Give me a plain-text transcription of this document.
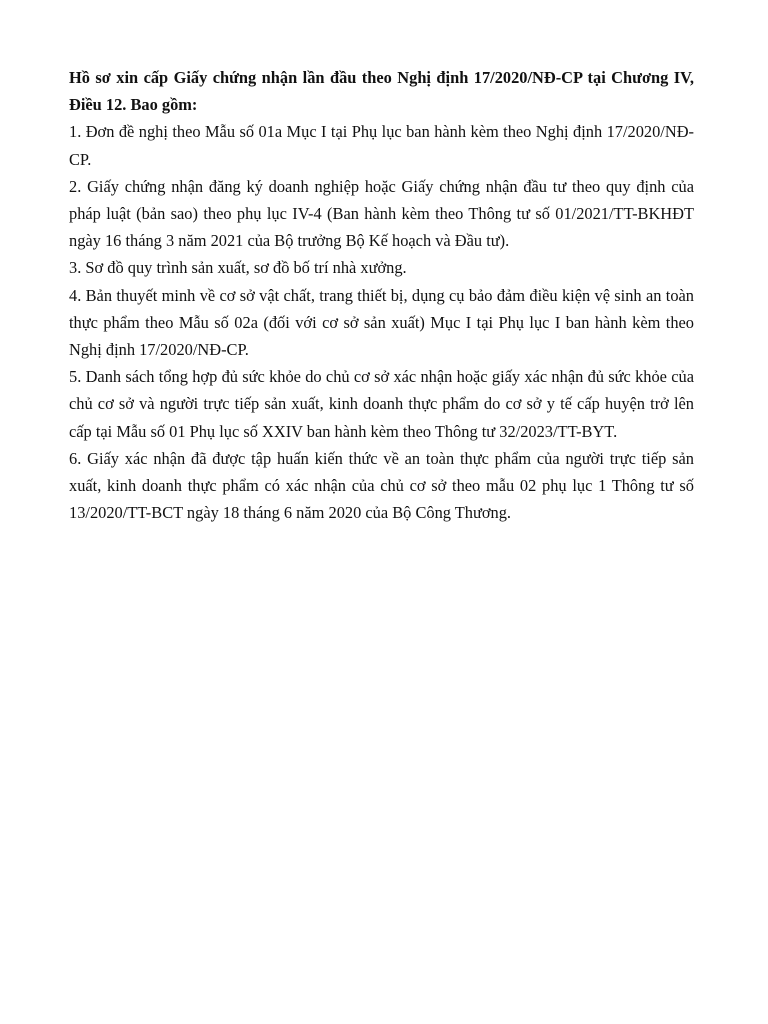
Hồ sơ xin cấp Giấy chứng nhận lần đầu theo Nghị định 17/2020/NĐ-CP tại Chương IV, Điều 12. Bao gồm:

1. Đơn đề nghị theo Mẫu số 01a Mục I tại Phụ lục ban hành kèm theo Nghị định 17/2020/NĐ-CP.

2. Giấy chứng nhận đăng ký doanh nghiệp hoặc Giấy chứng nhận đầu tư theo quy định của pháp luật (bản sao) theo phụ lục IV-4 (Ban hành kèm theo Thông tư số 01/2021/TT-BKHĐT ngày 16 tháng 3 năm 2021 của Bộ trưởng Bộ Kế hoạch và Đầu tư).

3. Sơ đồ quy trình sản xuất, sơ đồ bố trí nhà xưởng.

4. Bản thuyết minh về cơ sở vật chất, trang thiết bị, dụng cụ bảo đảm điều kiện vệ sinh an toàn thực phẩm theo Mẫu số 02a (đối với cơ sở sản xuất) Mục I tại Phụ lục I ban hành kèm theo Nghị định 17/2020/NĐ-CP.

5. Danh sách tổng hợp đủ sức khỏe do chủ cơ sở xác nhận hoặc giấy xác nhận đủ sức khỏe của chủ cơ sở và người trực tiếp sản xuất, kinh doanh thực phẩm do cơ sở y tế cấp huyện trở lên cấp tại Mẫu số 01 Phụ lục số XXIV ban hành kèm theo Thông tư 32/2023/TT-BYT.

6. Giấy xác nhận đã được tập huấn kiến thức về an toàn thực phẩm của người trực tiếp sản xuất, kinh doanh thực phẩm có xác nhận của chủ cơ sở theo mẫu 02 phụ lục 1 Thông tư số 13/2020/TT-BCT ngày 18 tháng 6 năm 2020 của Bộ Công Thương.
